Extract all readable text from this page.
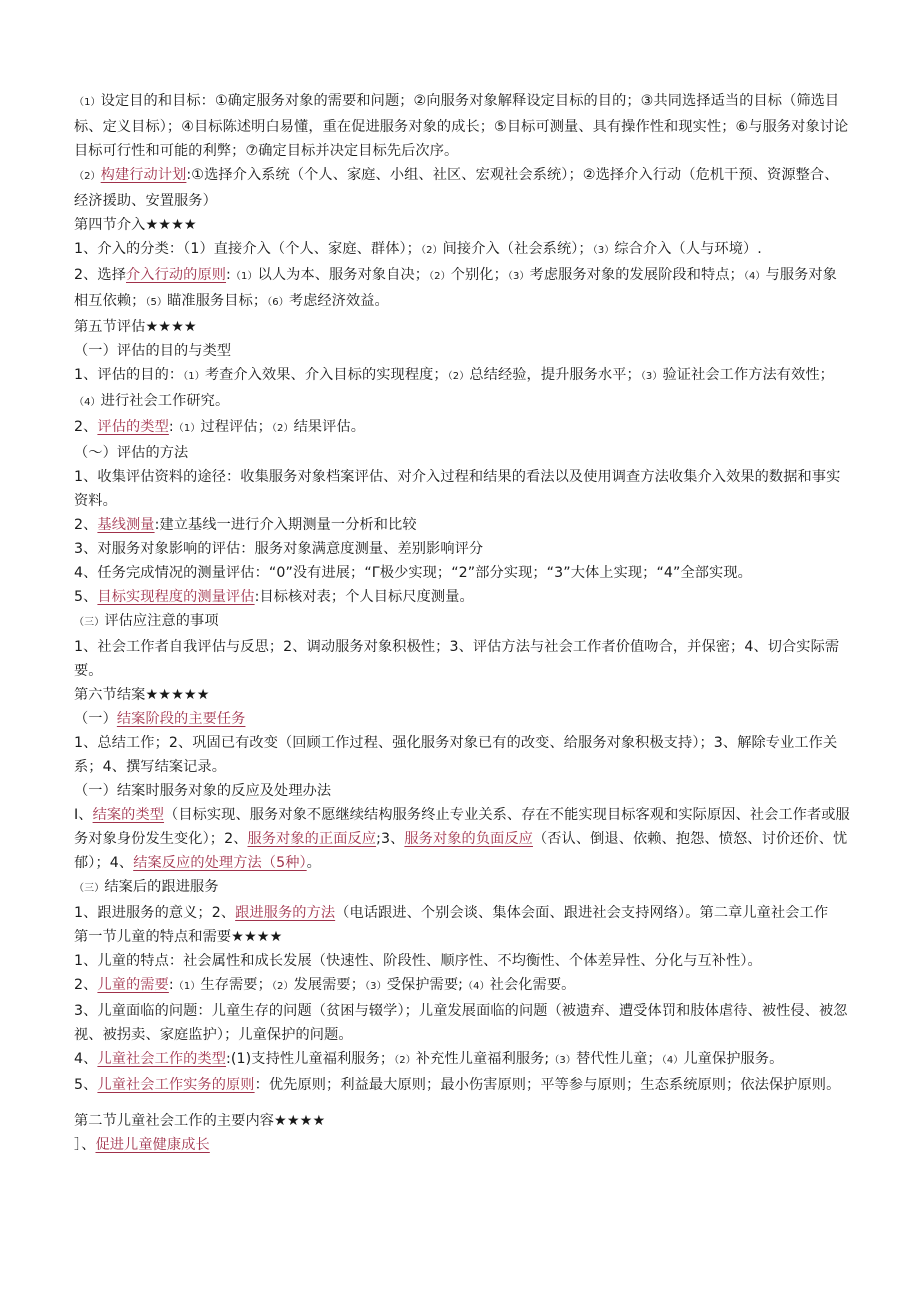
（1）设定目的和目标：①确定服务对象的需要和问题；②向服务对象解释设定目标的目的；③共同选择适当的目标（筛选目标、定义目标）；④目标陈述明白易懂，重在促进服务对象的成长；⑤目标可测量、具有操作性和现实性；⑥与服务对象讨论目标可行性和可能的利弊；⑦确定目标并决定目标先后次序。

（2）构建行动计划:①选择介入系统（个人、家庭、小组、社区、宏观社会系统）；②选择介入行动（危机干预、资源整合、经济援助、安置服务）

第四节介入★★★★

1、介入的分类：（1）直接介入（个人、家庭、群体）；（2）间接介入（社会系统）；（3）综合介入（人与环境）.

2、选择介入行动的原则:（1）以人为本、服务对象自决；（2）个别化；（3）考虑服务对象的发展阶段和特点；（4）与服务对象相互依赖；（5）瞄准服务目标；（6）考虑经济效益。

第五节评估★★★★

（一）评估的目的与类型

1、评估的目的：（1）考查介入效果、介入目标的实现程度；（2）总结经验，提升服务水平；（3）验证社会工作方法有效性；（4）进行社会工作研究。

2、评估的类型:（1）过程评估；（2）结果评估。

（～）评估的方法

1、收集评估资料的途径：收集服务对象档案评估、对介入过程和结果的看法以及使用调查方法收集介入效果的数据和事实资料。

2、基线测量:建立基线一进行介入期测量一分析和比较

3、对服务对象影响的评估：服务对象满意度测量、差别影响评分

4、任务完成情况的测量评估：“0”没有进展；“Γ极少实现；“2”部分实现；“3”大体上实现；“4”全部实现。

5、目标实现程度的测量评估:目标核对表；个人目标尺度测量。

（三）评估应注意的事项

1、社会工作者自我评估与反思；2、调动服务对象积极性；3、评估方法与社会工作者价值吻合，并保密；4、切合实际需要。

第六节结案★★★★★

（一）结案阶段的主要任务

1、总结工作；2、巩固已有改变（回顾工作过程、强化服务对象已有的改变、给服务对象积极支持）；3、解除专业工作关系；4、撰写结案记录。

（一）结案时服务对象的反应及处理办法

I、结案的类型（目标实现、服务对象不愿继续结构服务终止专业关系、存在不能实现目标客观和实际原因、社会工作者或服务对象身份发生变化）；2、服务对象的正面反应;3、服务对象的负面反应（否认、倒退、依赖、抱怨、愤怒、讨价还价、忧郁）；4、结案反应的处理方法（5种）。

（三）结案后的跟进服务

1、跟进服务的意义；2、跟进服务的方法（电话跟进、个别会谈、集体会面、跟进社会支持网络）。第二章儿童社会工作

第一节儿童的特点和需要★★★★

1、儿童的特点：社会属性和成长发展（快速性、阶段性、顺序性、不均衡性、个体差异性、分化与互补性）。

2、儿童的需要:（1）生存需要；（2）发展需要；（3）受保护需要;（4）社会化需要。

3、儿童面临的问题：儿童生存的问题（贫困与辍学）；儿童发展面临的问题（被遗弃、遭受体罚和肢体虐待、被性侵、被忽视、被拐卖、家庭监护）；儿童保护的问题。

4、儿童社会工作的类型:(1)支持性儿童福利服务；（2）补充性儿童福利服务;（3）替代性儿童；（4）儿童保护服务。

5、儿童社会工作实务的原则：优先原则；利益最大原则；最小伤害原则；平等参与原则；生态系统原则；依法保护原则。

第二节儿童社会工作的主要内容★★★★

］、促进儿童健康成长
